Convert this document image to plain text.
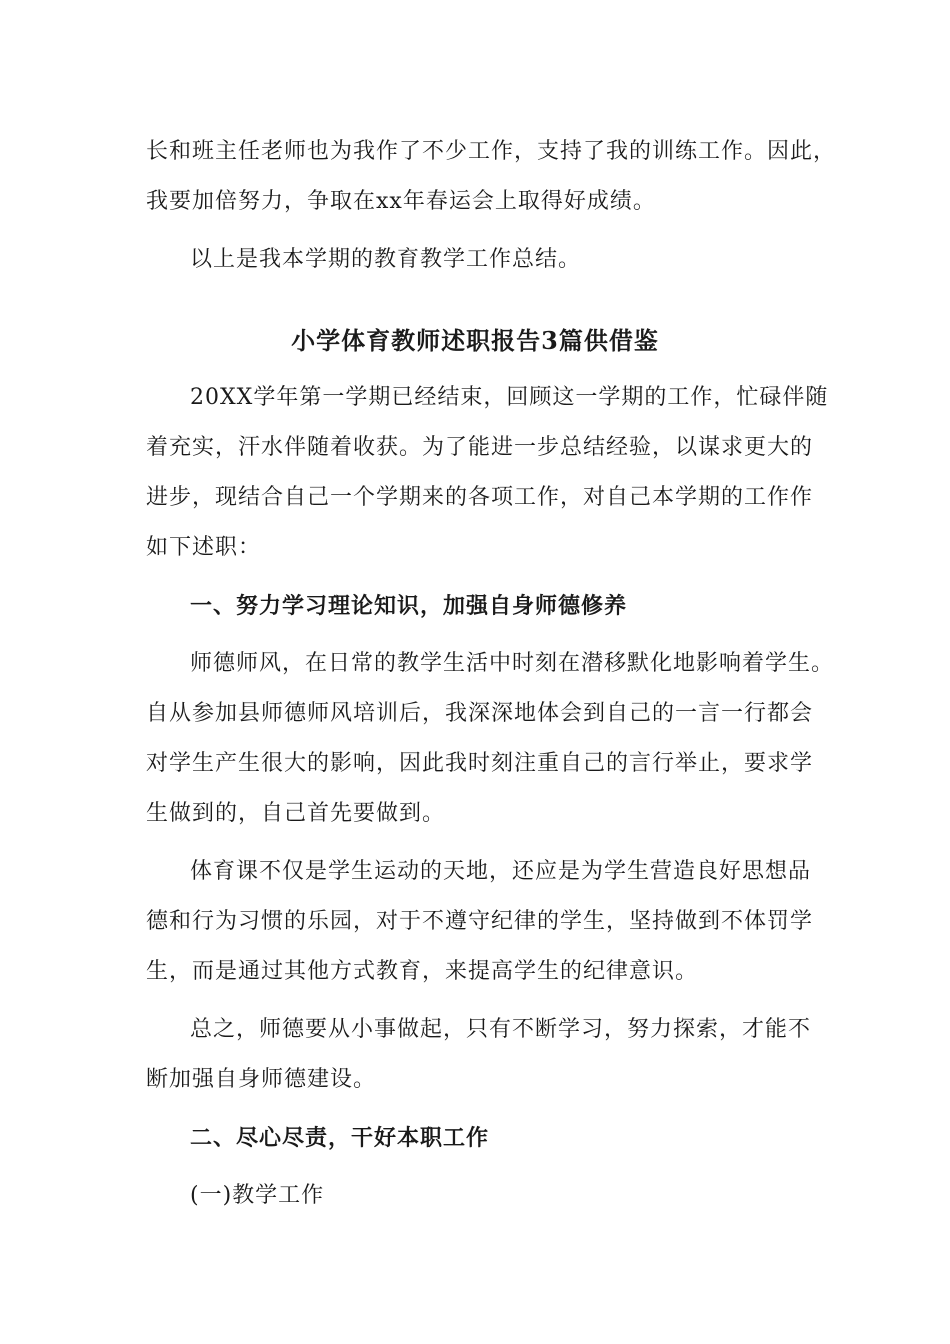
长和班主任老师也为我作了不少工作，支持了我的训练工作。因此，
我要加倍努力，争取在xx年春运会上取得好成绩。
以上是我本学期的教育教学工作总结。
小学体育教师述职报告3篇供借鉴
20XX学年第一学期已经结束，回顾这一学期的工作，忙碌伴随
着充实，汗水伴随着收获。为了能进一步总结经验，以谋求更大的
进步，现结合自己一个学期来的各项工作，对自己本学期的工作作
如下述职：
一、努力学习理论知识，加强自身师德修养
师德师风，在日常的教学生活中时刻在潜移默化地影响着学生。
自从参加县师德师风培训后，我深深地体会到自己的一言一行都会
对学生产生很大的影响，因此我时刻注重自己的言行举止，要求学
生做到的，自己首先要做到。
体育课不仅是学生运动的天地，还应是为学生营造良好思想品
德和行为习惯的乐园，对于不遵守纪律的学生，坚持做到不体罚学
生，而是通过其他方式教育，来提高学生的纪律意识。
总之，师德要从小事做起，只有不断学习，努力探索，才能不
断加强自身师德建设。
二、尽心尽责，干好本职工作
(一)教学工作
